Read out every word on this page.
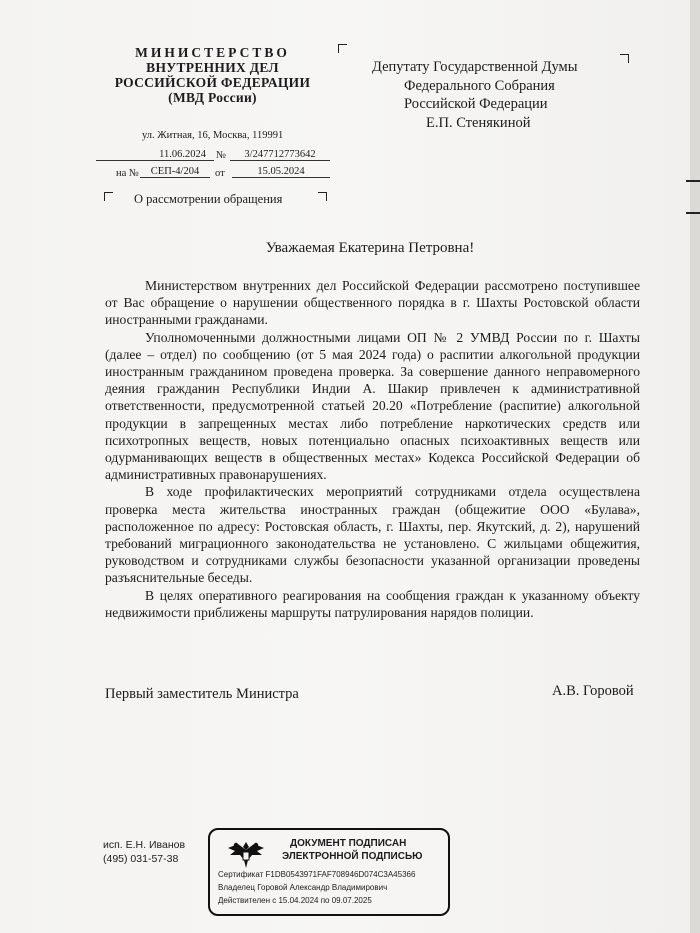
МИНИСТЕРСТВО
ВНУТРЕННИХ ДЕЛ
РОССИЙСКОЙ ФЕДЕРАЦИИ
(МВД России)
ул. Житная, 16, Москва, 119991
11.06.2024 №	3/247712773642
на №	СЕП-4/204	от	15.05.2024
О рассмотрении обращения
Депутату Государственной Думы
Федерального Собрания
Российской Федерации
Е.П. Стенякиной
Уважаемая Екатерина Петровна!

Министерством внутренних дел Российской Федерации рассмотрено поступившее от Вас обращение о нарушении общественного порядка в г. Шахты Ростовской области иностранными гражданами.

Уполномоченными должностными лицами ОП № 2 УМВД России по г. Шахты (далее – отдел) по сообщению (от 5 мая 2024 года) о распитии алкогольной продукции иностранным гражданином проведена проверка. За совершение данного неправомерного деяния гражданин Республики Индии А. Шакир привлечен к административной ответственности, предусмотренной статьей 20.20 «Потребление (распитие) алкогольной продукции в запрещенных местах либо потребление наркотических средств или психотропных веществ, новых потенциально опасных психоактивных веществ или одурманивающих веществ в общественных местах» Кодекса Российской Федерации об административных правонарушениях.

В ходе профилактических мероприятий сотрудниками отдела осуществлена проверка места жительства иностранных граждан (общежитие ООО «Булава», расположенное по адресу: Ростовская область, г. Шахты, пер. Якутский, д. 2), нарушений требований миграционного законодательства не установлено. С жильцами общежития, руководством и сотрудниками службы безопасности указанной организации проведены разъяснительные беседы.

В целях оперативного реагирования на сообщения граждан к указанному объекту недвижимости приближены маршруты патрулирования нарядов полиции.

Первый заместитель Министра	А.В. Горовой
исп. Е.Н. Иванов
(495) 031-57-38
ДОКУМЕНТ ПОДПИСАН
ЭЛЕКТРОННОЙ ПОДПИСЬЮ
Сертификат F1DB0543971FAF708946D074C3A45366
Владелец Горовой Александр Владимирович
Действителен с 15.04.2024 по 09.07.2025
